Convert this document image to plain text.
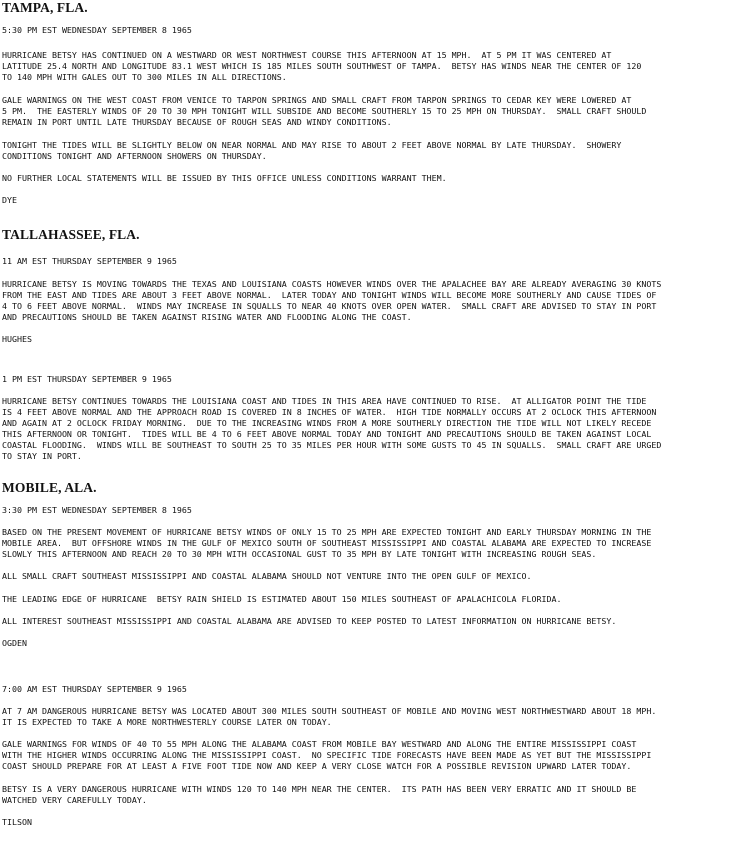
TAMPA, FLA.
5:30 PM EST WEDNESDAY SEPTEMBER 8 1965
HURRICANE BETSY HAS CONTINUED ON A WESTWARD OR WEST NORTHWEST COURSE THIS AFTERNOON AT 15 MPH.  AT 5 PM IT WAS CENTERED AT
LATITUDE 25.4 NORTH AND LONGITUDE 83.1 WEST WHICH IS 185 MILES SOUTH SOUTHWEST OF TAMPA.  BETSY HAS WINDS NEAR THE CENTER OF 120
TO 140 MPH WITH GALES OUT TO 300 MILES IN ALL DIRECTIONS.
GALE WARNINGS ON THE WEST COAST FROM VENICE TO TARPON SPRINGS AND SMALL CRAFT FROM TARPON SPRINGS TO CEDAR KEY WERE LOWERED AT
5 PM.  THE EASTERLY WINDS OF 20 TO 30 MPH TONIGHT WILL SUBSIDE AND BECOME SOUTHERLY 15 TO 25 MPH ON THURSDAY.  SMALL CRAFT SHOULD
REMAIN IN PORT UNTIL LATE THURSDAY BECAUSE OF ROUGH SEAS AND WINDY CONDITIONS.
TONIGHT THE TIDES WILL BE SLIGHTLY BELOW ON NEAR NORMAL AND MAY RISE TO ABOUT 2 FEET ABOVE NORMAL BY LATE THURSDAY.  SHOWERY
CONDITIONS TONIGHT AND AFTERNOON SHOWERS ON THURSDAY.
NO FURTHER LOCAL STATEMENTS WILL BE ISSUED BY THIS OFFICE UNLESS CONDITIONS WARRANT THEM.
DYE
TALLAHASSEE, FLA.
11 AM EST THURSDAY SEPTEMBER 9 1965
HURRICANE BETSY IS MOVING TOWARDS THE TEXAS AND LOUISIANA COASTS HOWEVER WINDS OVER THE APALACHEE BAY ARE ALREADY AVERAGING 30 KNOTS
FROM THE EAST AND TIDES ARE ABOUT 3 FEET ABOVE NORMAL.  LATER TODAY AND TONIGHT WINDS WILL BECOME MORE SOUTHERLY AND CAUSE TIDES OF
4 TO 6 FEET ABOVE NORMAL.  WINDS MAY INCREASE IN SQUALLS TO NEAR 40 KNOTS OVER OPEN WATER.  SMALL CRAFT ARE ADVISED TO STAY IN PORT
AND PRECAUTIONS SHOULD BE TAKEN AGAINST RISING WATER AND FLOODING ALONG THE COAST.
HUGHES
1 PM EST THURSDAY SEPTEMBER 9 1965
HURRICANE BETSY CONTINUES TOWARDS THE LOUISIANA COAST AND TIDES IN THIS AREA HAVE CONTINUED TO RISE.  AT ALLIGATOR POINT THE TIDE
IS 4 FEET ABOVE NORMAL AND THE APPROACH ROAD IS COVERED IN 8 INCHES OF WATER.  HIGH TIDE NORMALLY OCCURS AT 2 OCLOCK THIS AFTERNOON
AND AGAIN AT 2 OCLOCK FRIDAY MORNING.  DUE TO THE INCREASING WINDS FROM A MORE SOUTHERLY DIRECTION THE TIDE WILL NOT LIKELY RECEDE
THIS AFTERNOON OR TONIGHT.  TIDES WILL BE 4 TO 6 FEET ABOVE NORMAL TODAY AND TONIGHT AND PRECAUTIONS SHOULD BE TAKEN AGAINST LOCAL
COASTAL FLOODING.  WINDS WILL BE SOUTHEAST TO SOUTH 25 TO 35 MILES PER HOUR WITH SOME GUSTS TO 45 IN SQUALLS.  SMALL CRAFT ARE URGED
TO STAY IN PORT.
MOBILE, ALA.
3:30 PM EST WEDNESDAY SEPTEMBER 8 1965
BASED ON THE PRESENT MOVEMENT OF HURRICANE BETSY WINDS OF ONLY 15 TO 25 MPH ARE EXPECTED TONIGHT AND EARLY THURSDAY MORNING IN THE
MOBILE AREA.  BUT OFFSHORE WINDS IN THE GULF OF MEXICO SOUTH OF SOUTHEAST MISSISSIPPI AND COASTAL ALABAMA ARE EXPECTED TO INCREASE
SLOWLY THIS AFTERNOON AND REACH 20 TO 30 MPH WITH OCCASIONAL GUST TO 35 MPH BY LATE TONIGHT WITH INCREASING ROUGH SEAS.
ALL SMALL CRAFT SOUTHEAST MISSISSIPPI AND COASTAL ALABAMA SHOULD NOT VENTURE INTO THE OPEN GULF OF MEXICO.
THE LEADING EDGE OF HURRICANE  BETSY RAIN SHIELD IS ESTIMATED ABOUT 150 MILES SOUTHEAST OF APALACHICOLA FLORIDA.
ALL INTEREST SOUTHEAST MISSISSIPPI AND COASTAL ALABAMA ARE ADVISED TO KEEP POSTED TO LATEST INFORMATION ON HURRICANE BETSY.
OGDEN
7:00 AM EST THURSDAY SEPTEMBER 9 1965
AT 7 AM DANGEROUS HURRICANE BETSY WAS LOCATED ABOUT 300 MILES SOUTH SOUTHEAST OF MOBILE AND MOVING WEST NORTHWESTWARD ABOUT 18 MPH.
IT IS EXPECTED TO TAKE A MORE NORTHWESTERLY COURSE LATER ON TODAY.
GALE WARNINGS FOR WINDS OF 40 TO 55 MPH ALONG THE ALABAMA COAST FROM MOBILE BAY WESTWARD AND ALONG THE ENTIRE MISSISSIPPI COAST
WITH THE HIGHER WINDS OCCURRING ALONG THE MISSISSIPPI COAST.  NO SPECIFIC TIDE FORECASTS HAVE BEEN MADE AS YET BUT THE MISSISSIPPI
COAST SHOULD PREPARE FOR AT LEAST A FIVE FOOT TIDE NOW AND KEEP A VERY CLOSE WATCH FOR A POSSIBLE REVISION UPWARD LATER TODAY.
BETSY IS A VERY DANGEROUS HURRICANE WITH WINDS 120 TO 140 MPH NEAR THE CENTER.  ITS PATH HAS BEEN VERY ERRATIC AND IT SHOULD BE
WATCHED VERY CAREFULLY TODAY.
TILSON
